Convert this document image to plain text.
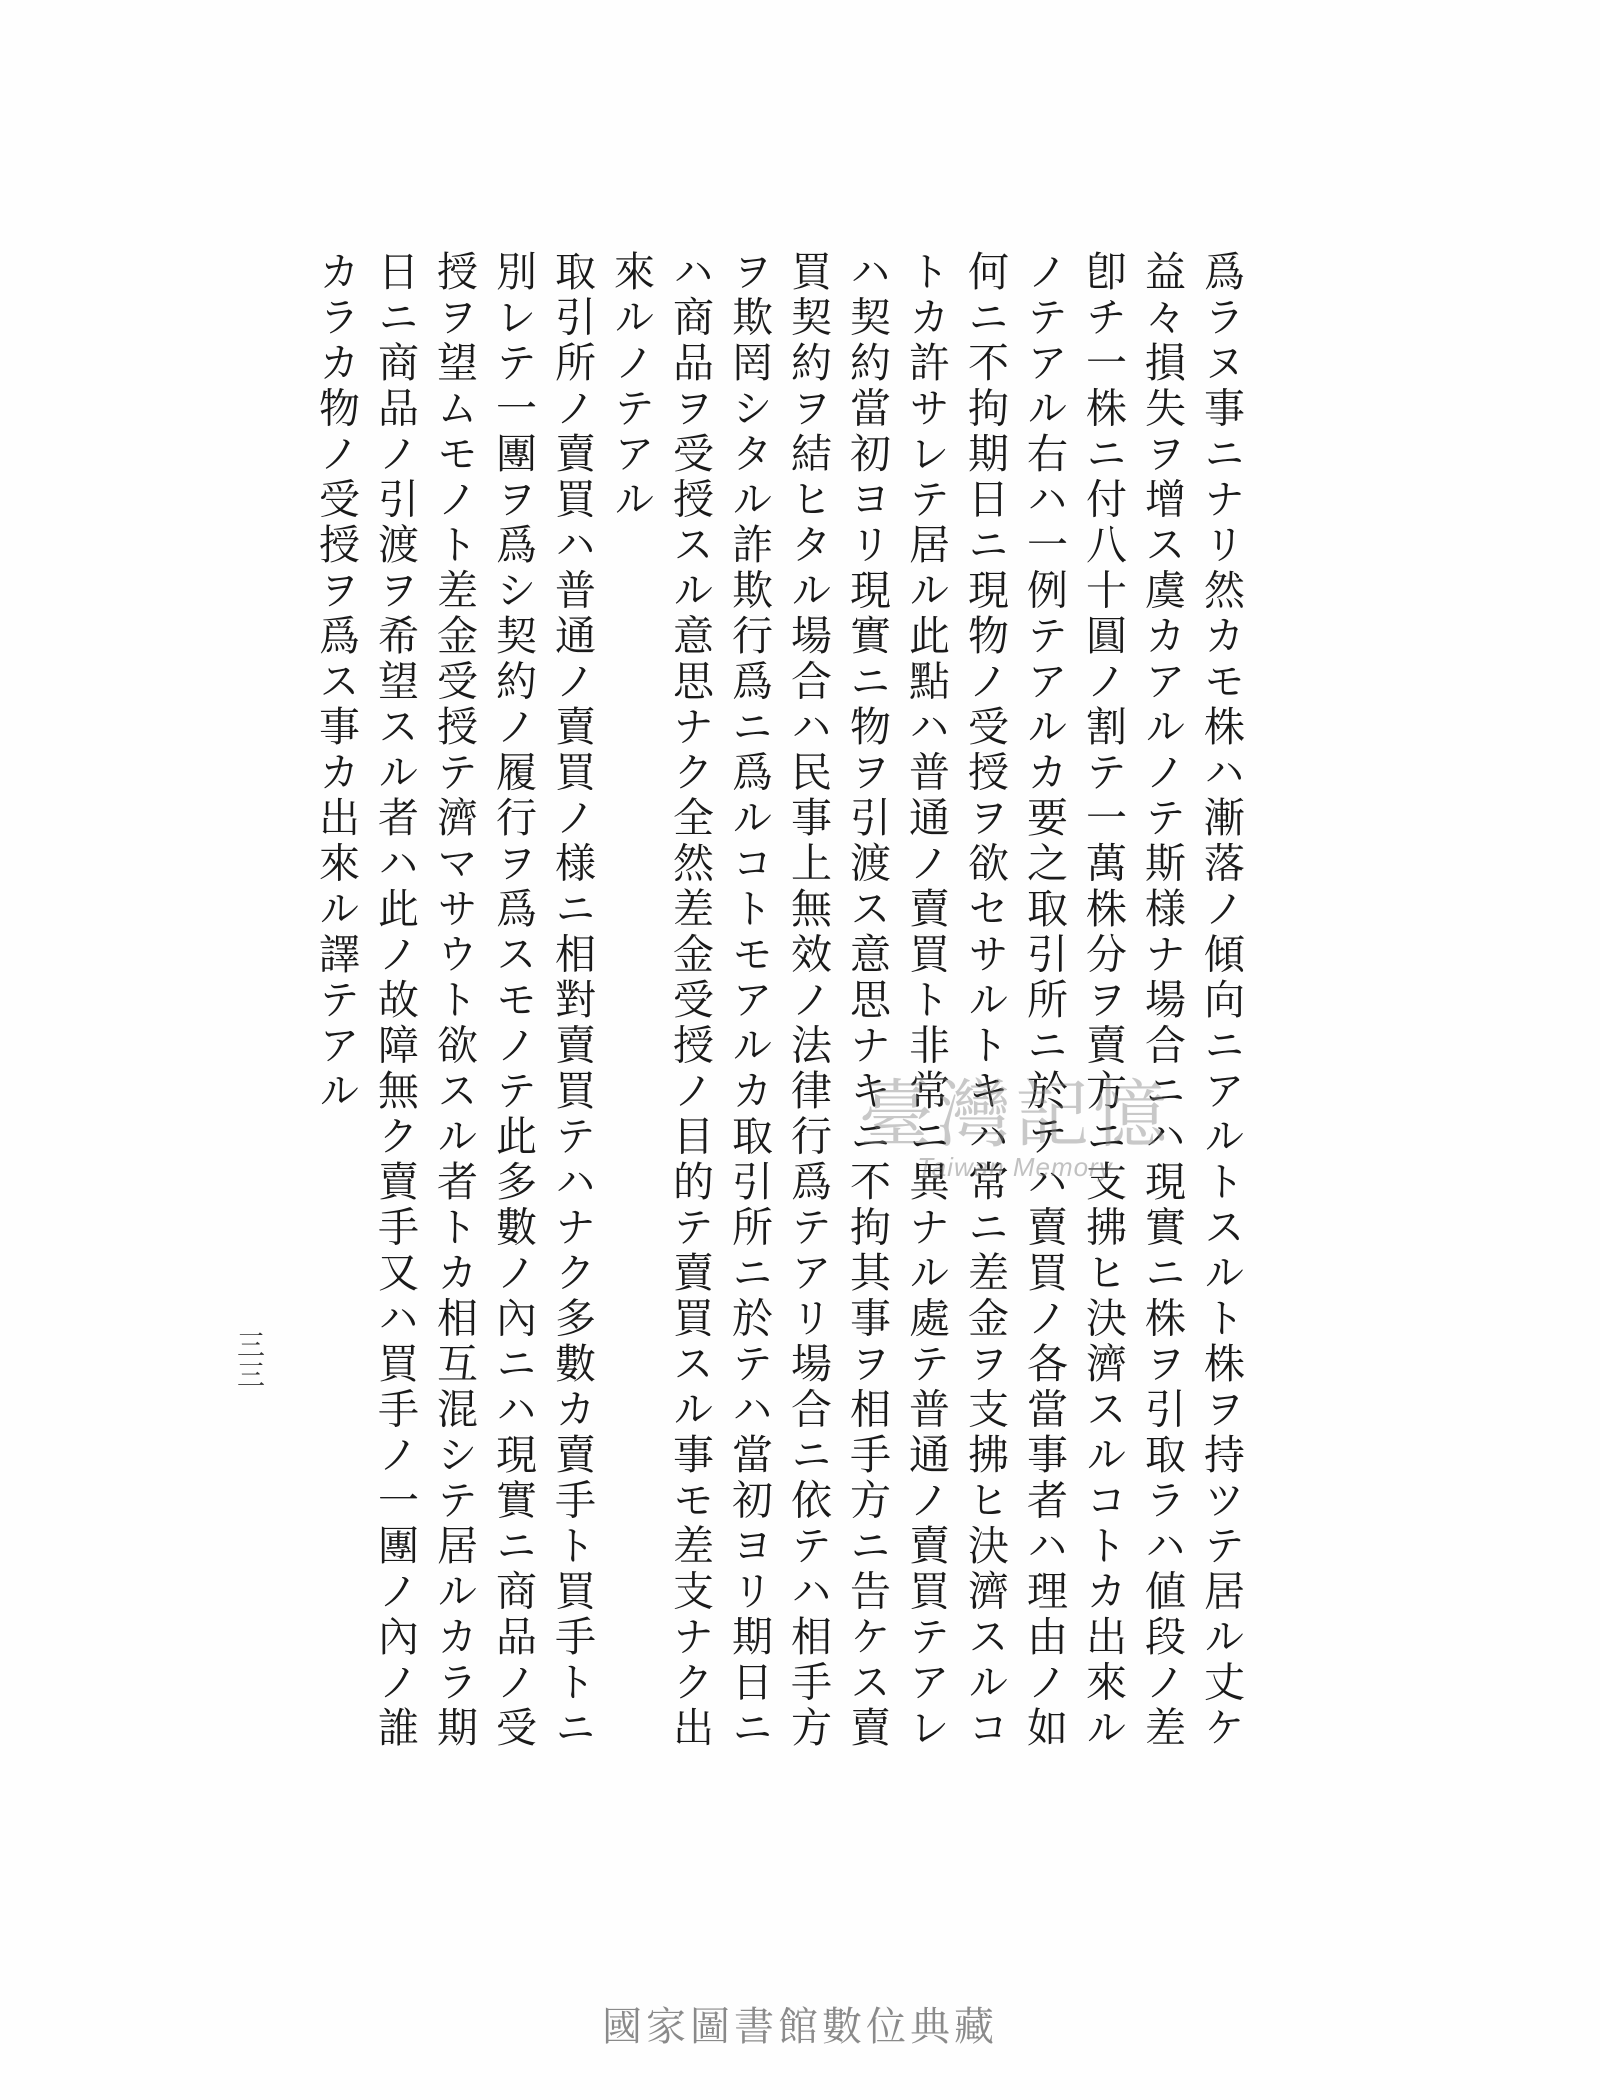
爲ラヌ事ニナリ然カモ株ハ漸落ノ傾向ニアルトスルト株ヲ持ツテ居ル丈ケ
益々損失ヲ增ス虞カアルノテ斯様ナ場合ニハ現實ニ株ヲ引取ラハ値段ノ差
卽チ一株ニ付八十圓ノ割テ一萬株分ヲ賣方ニ支拂ヒ決濟スルコトカ出來ル
ノテアル右ハ一例テアルカ要之取引所ニ於テハ賣買ノ各當事者ハ理由ノ如
何ニ不拘期日ニ現物ノ受授ヲ欲セサルトキハ常ニ差金ヲ支拂ヒ決濟スルコ
トカ許サレテ居ル此點ハ普通ノ賣買ト非常ニ異ナル處テ普通ノ賣買テアレ
ハ契約當初ヨリ現實ニ物ヲ引渡ス意思ナキニ不拘其事ヲ相手方ニ告ケス賣
買契約ヲ結ヒタル場合ハ民事上無效ノ法律行爲テアリ場合ニ依テハ相手方
ヲ欺罔シタル詐欺行爲ニ爲ルコトモアルカ取引所ニ於テハ當初ヨリ期日ニ
ハ商品ヲ受授スル意思ナク全然差金受授ノ目的テ賣買スル事モ差支ナク出
來ルノテアル
取引所ノ賣買ハ普通ノ賣買ノ様ニ相對賣買テハナク多數カ賣手ト買手トニ
別レテ一團ヲ爲シ契約ノ履行ヲ爲スモノテ此多數ノ內ニハ現實ニ商品ノ受
授ヲ望ムモノト差金受授テ濟マサウト欲スル者トカ相互混シテ居ルカラ期
日ニ商品ノ引渡ヲ希望スル者ハ此ノ故障無ク賣手又ハ買手ノ一團ノ內ノ誰
カラカ物ノ受授ヲ爲ス事カ出來ル譯テアル
三三
臺灣記憶
Taiwan Memory
國家圖書館數位典藏
